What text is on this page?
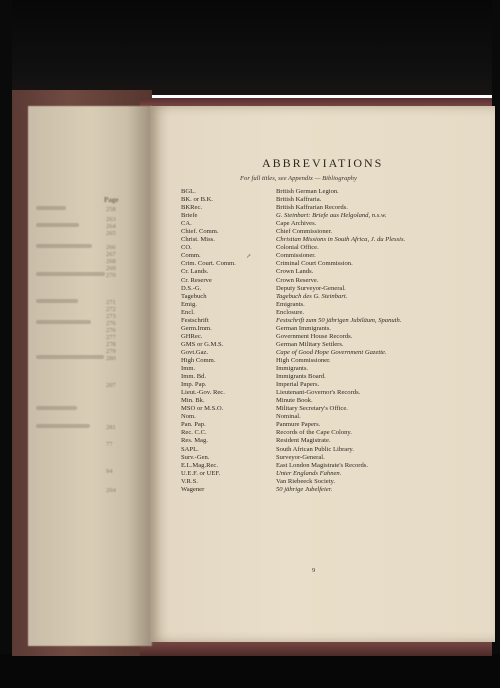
Page
258
263
264
265
266
267
268
269
270
271
272
273
276
276
277
278
279
280
281
77
94
204
207
ABBREVIATIONS
For full titles, see Appendix — Bibliography
BGL.	British German Legion.
BK. or B.K.	British Kaffraria.
BKRec.	British Kaffrarian Records.
Briefe	G. Steinbart: Briefe aus Helgoland, n.s.w.
CA.	Cape Archives.
Chief. Comm.	Chief Commissioner.
Christ. Miss.	Christian Missions in South Africa, J. du Plessis.
CO.	Colonial Office.
Comm.	Commissioner.
Crim. Court. Comm.	Criminal Court Commission.
Cr. Lands.	Crown Lands.
Cr. Reserve	Crown Reserve.
D.S.-G.	Deputy Surveyor-General.
Tagebuch	Tagebuch des G. Steinbart.
Emig.	Emigrants.
Encl.	Enclosure.
Festschrift	Festschrift zum 50 jährigen Jubiläum, Spanuth.
Germ.Imm.	German Immigrants.
GHRec.	Government House Records.
GMS or G.M.S.	German Military Settlers.
Govt.Gaz.	Cape of Good Hope Government Gazette.
High Comm.	High Commissioner.
Imm.	Immigrants.
Imm. Bd.	Immigrants Board.
Imp. Pap.	Imperial Papers.
Lieut.-Gov. Rec.	Lieutenant-Governor's Records.
Min. Bk.	Minute Book.
MSO or M.S.O.	Military Secretary's Office.
Nom.	Nominal.
Pan. Pap.	Panmure Papers.
Rec. C.C.	Records of the Cape Colony.
Res. Mag.	Resident Magistrate.
SAPL.	South African Public Library.
Surv.-Gen.	Surveyor-General.
E.L.Mag.Rec.	East London Magistrate's Records.
U.E.F. or UEF.	Unter Englands Fahnen.
V.R.S.	Van Riebeeck Society.
Wagener	50 jährige Jubelfeier.
↗
9
